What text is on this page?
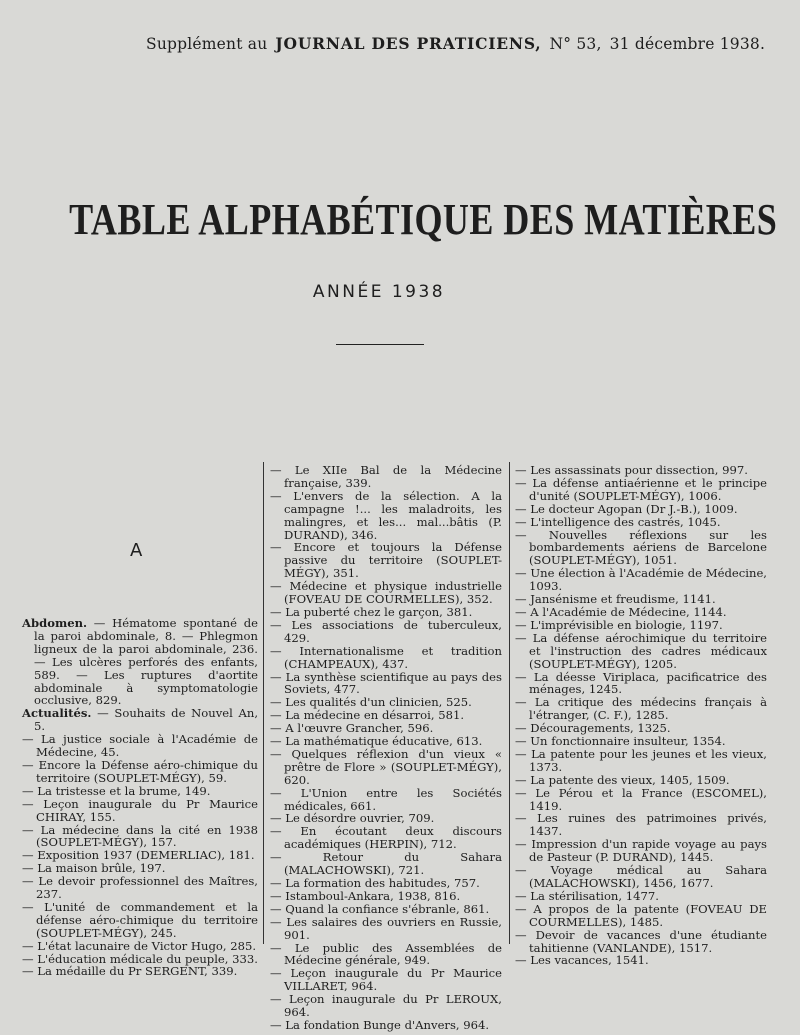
Supplément au JOURNAL DES PRATICIENS, N° 53, 31 décembre 1938.
TABLE ALPHABÉTIQUE DES MATIÈRES
ANNÉE 1938
A

Abdomen. — Hématome spontané de la paroi abdominale, 8. — Phlegmon ligneux de la paroi abdominale, 236. — Les ulcères perforés des enfants, 589. — Les ruptures d'aortite abdominale à symptomatologie occlusive, 829.

Actualités. — Souhaits de Nouvel An, 5.

— La justice sociale à l'Académie de Médecine, 45.

— Encore la Défense aéro-chimique du territoire (SOUPLET-MÉGY), 59.

— La tristesse et la brume, 149.

— Leçon inaugurale du Pr Maurice CHIRAY, 155.

— La médecine dans la cité en 1938 (SOUPLET-MÉGY), 157.

— Exposition 1937 (DEMERLIAC), 181.

— La maison brûle, 197.

— Le devoir professionnel des Maîtres, 237.

— L'unité de commandement et la défense aéro-chimique du territoire (SOUPLET-MÉGY), 245.

— L'état lacunaire de Victor Hugo, 285.

— L'éducation médicale du peuple, 333.

— La médaille du Pr SERGENT, 339.

— Le XIIe Bal de la Médecine française, 339.

— L'envers de la sélection. A la campagne !... les maladroits, les malingres, et les... mal...bâtis (P. DURAND), 346.

— Encore et toujours la Défense passive du territoire (SOUPLET-MÉGY), 351.

— Médecine et physique industrielle (FOVEAU DE COURMELLES), 352.

— La puberté chez le garçon, 381.

— Les associations de tuberculeux, 429.

— Internationalisme et tradition (CHAMPEAUX), 437.

— La synthèse scientifique au pays des Soviets, 477.

— Les qualités d'un clinicien, 525.

— La médecine en désarroi, 581.

— A l'œuvre Grancher, 596.

— La mathématique éducative, 613.

— Quelques réflexion d'un vieux « prêtre de Flore » (SOUPLET-MÉGY), 620.

— L'Union entre les Sociétés médicales, 661.

— Le désordre ouvrier, 709.

— En écoutant deux discours académiques (HERPIN), 712.

— Retour du Sahara (MALACHOWSKI), 721.

— La formation des habitudes, 757.

— Istamboul-Ankara, 1938, 816.

— Quand la confiance s'ébranle, 861.

— Les salaires des ouvriers en Russie, 901.

— Le public des Assemblées de Médecine générale, 949.

— Leçon inaugurale du Pr Maurice VILLARET, 964.

— Leçon inaugurale du Pr LEROUX, 964.

— La fondation Bunge d'Anvers, 964.

— Les assassinats pour dissection, 997.

— La défense antiaérienne et le principe d'unité (SOUPLET-MÉGY), 1006.

— Le docteur Agopan (Dr J.-B.), 1009.

— L'intelligence des castrés, 1045.

— Nouvelles réflexions sur les bombardements aériens de Barcelone (SOUPLET-MÉGY), 1051.

— Une élection à l'Académie de Médecine, 1093.

— Jansénisme et freudisme, 1141.

— A l'Académie de Médecine, 1144.

— L'imprévisible en biologie, 1197.

— La défense aérochimique du territoire et l'instruction des cadres médicaux (SOUPLET-MÉGY), 1205.

— La déesse Viriplaca, pacificatrice des ménages, 1245.

— La critique des médecins français à l'étranger, (C. F.), 1285.

— Découragements, 1325.

— Un fonctionnaire insulteur, 1354.

— La patente pour les jeunes et les vieux, 1373.

— La patente des vieux, 1405, 1509.

— Le Pérou et la France (ESCOMEL), 1419.

— Les ruines des patrimoines privés, 1437.

— Impression d'un rapide voyage au pays de Pasteur (P. DURAND), 1445.

— Voyage médical au Sahara (MALACHOWSKI), 1456, 1677.

— La stérilisation, 1477.

— A propos de la patente (FOVEAU DE COURMELLES), 1485.

— Devoir de vacances d'une étudiante tahitienne (VANLANDE), 1517.

— Les vacances, 1541.
